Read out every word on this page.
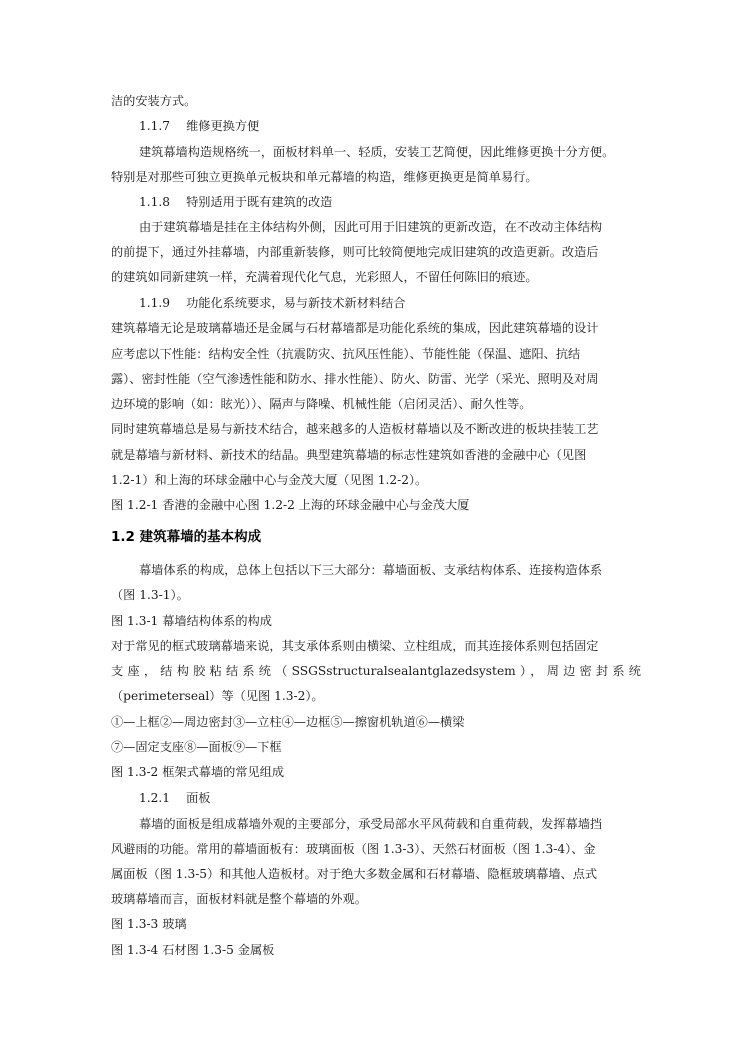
洁的安装方式。
1.1.7　 维修更换方便
建筑幕墙构造规格统一，面板材料单一、轻质，安装工艺简便，因此维修更换十分方便。
特别是对那些可独立更换单元板块和单元幕墙的构造，维修更换更是简单易行。
1.1.8　 特别适用于既有建筑的改造
由于建筑幕墙是挂在主体结构外侧，因此可用于旧建筑的更新改造，在不改动主体结构
的前提下，通过外挂幕墙，内部重新装修，则可比较简便地完成旧建筑的改造更新。改造后
的建筑如同新建筑一样，充满着现代化气息，光彩照人，不留任何陈旧的痕迹。
1.1.9　 功能化系统要求，易与新技术新材料结合
建筑幕墙无论是玻璃幕墙还是金属与石材幕墙都是功能化系统的集成，因此建筑幕墙的设计
应考虑以下性能：结构安全性（抗震防灾、抗风压性能）、节能性能（保温、遮阳、抗结
露）、密封性能（空气渗透性能和防水、排水性能）、防火、防雷、光学（采光、照明及对周
边环境的影响（如：眩光））、隔声与降噪、机械性能（启闭灵活）、耐久性等。
同时建筑幕墙总是易与新技术结合，越来越多的人造板材幕墙以及不断改进的板块挂装工艺
就是幕墙与新材料、新技术的结晶。典型建筑幕墙的标志性建筑如香港的金融中心（见图
1.2-1）和上海的环球金融中心与金茂大厦（见图 1.2-2）。
图 1.2-1 香港的金融中心图 1.2-2 上海的环球金融中心与金茂大厦
1.2 建筑幕墙的基本构成
幕墙体系的构成，总体上包括以下三大部分：幕墙面板、支承结构体系、连接构造体系
（图 1.3-1）。
图 1.3-1 幕墙结构体系的构成
对于常见的框式玻璃幕墙来说，其支承体系则由横梁、立柱组成，而其连接体系则包括固定
支座，结构胶粘结系统（SSGSstructuralsealantglazedsystem），周边密封系统
（perimeterseal）等（见图 1.3-2）。
①—上框②—周边密封③—立柱④—边框⑤—擦窗机轨道⑥—横梁
⑦—固定支座⑧—面板⑨—下框
图 1.3-2 框架式幕墙的常见组成
1.2.1　 面板
幕墙的面板是组成幕墙外观的主要部分，承受局部水平风荷载和自重荷载，发挥幕墙挡
风避雨的功能。常用的幕墙面板有：玻璃面板（图 1.3-3）、天然石材面板（图 1.3-4）、金
属面板（图 1.3-5）和其他人造板材。对于绝大多数金属和石材幕墙、隐框玻璃幕墙、点式
玻璃幕墙而言，面板材料就是整个幕墙的外观。
图 1.3-3 玻璃
图 1.3-4 石材图 1.3-5 金属板
